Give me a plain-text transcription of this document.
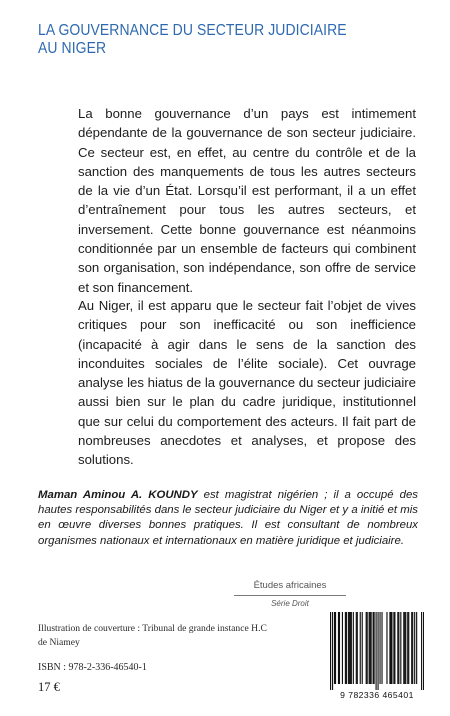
LA GOUVERNANCE DU SECTEUR JUDICIAIRE
AU NIGER

La bonne gouvernance d’un pays est intimement dépendante de la gouvernance de son secteur judiciaire. Ce secteur est, en effet, au centre du contrôle et de la sanction des manquements de tous les autres secteurs de la vie d’un État. Lorsqu’il est performant, il a un effet d’entraînement pour tous les autres secteurs, et inversement. Cette bonne gouvernance est néanmoins conditionnée par un ensemble de facteurs qui combinent son organisation, son indépendance, son offre de service et son financement.

Au Niger, il est apparu que le secteur fait l’objet de vives critiques pour son inefficacité ou son inefficience (incapacité à agir dans le sens de la sanction des inconduites sociales de l’élite sociale). Cet ouvrage analyse les hiatus de la gouvernance du secteur judiciaire aussi bien sur le plan du cadre juridique, institutionnel que sur celui du comportement des acteurs. Il fait part de nombreuses anecdotes et analyses, et propose des solutions.

Maman Aminou A. KOUNDY est magistrat nigérien ; il a occupé des hautes responsabilités dans le secteur judiciaire du Niger et y a initié et mis en œuvre diverses bonnes pratiques. Il est consultant de nombreux organismes nationaux et internationaux en matière juridique et judiciaire.

Études africaines
Série Droit
Illustration de couverture : Tribunal de grande instance H.C
de Niamey
ISBN : 978-2-336-46540-1
17 €
9 782336 465401
